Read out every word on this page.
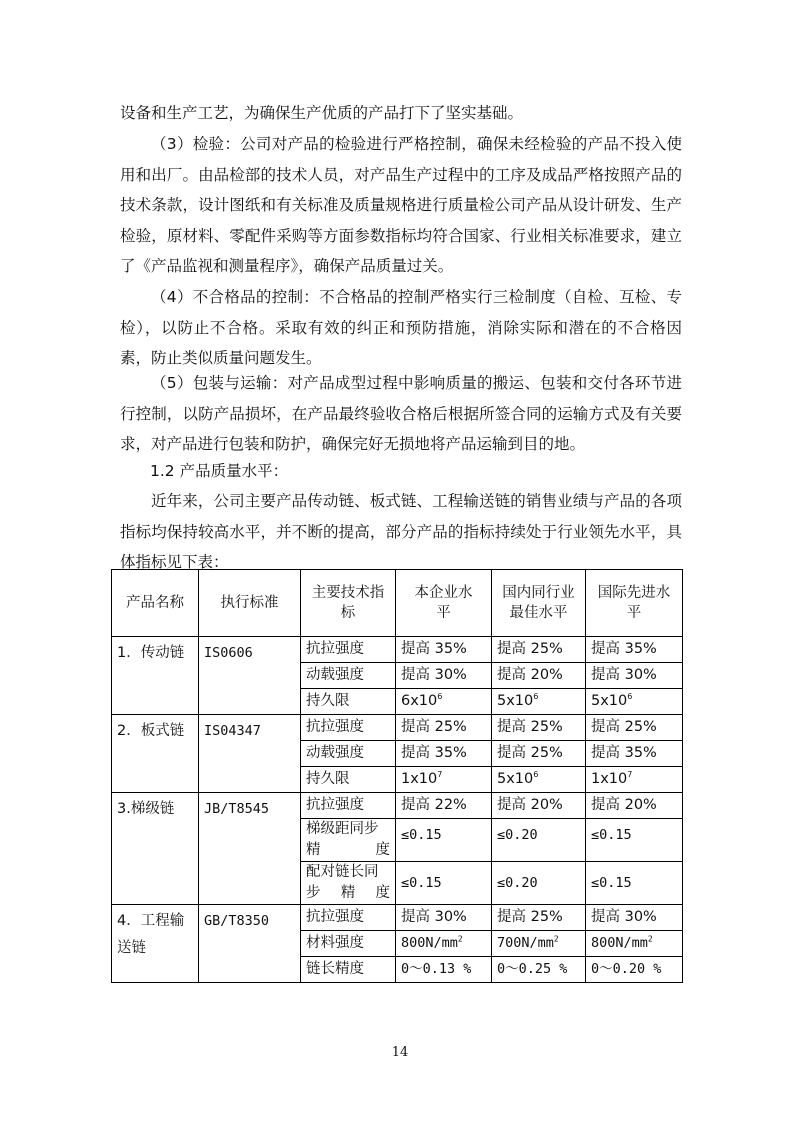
设备和生产工艺，为确保生产优质的产品打下了坚实基础。

（3）检验：公司对产品的检验进行严格控制，确保未经检验的产品不投入使用和出厂。由品检部的技术人员，对产品生产过程中的工序及成品严格按照产品的技术条款，设计图纸和有关标准及质量规格进行质量检公司产品从设计研发、生产检验，原材料、零配件采购等方面参数指标均符合国家、行业相关标准要求，建立了《产品监视和测量程序》，确保产品质量过关。

（4）不合格品的控制：不合格品的控制严格实行三检制度（自检、互检、专检），以防止不合格。采取有效的纠正和预防措施，消除实际和潜在的不合格因素，防止类似质量问题发生。

（5）包装与运输：对产品成型过程中影响质量的搬运、包装和交付各环节进行控制，以防产品损坏，在产品最终验收合格后根据所签合同的运输方式及有关要求，对产品进行包装和防护，确保完好无损地将产品运输到目的地。

1.2 产品质量水平：

近年来，公司主要产品传动链、板式链、工程输送链的销售业绩与产品的各项指标均保持较高水平，并不断的提高，部分产品的指标持续处于行业领先水平，具体指标见下表：

产品名称	执行标准	主要技术指标	本企业水　平	国内同行业最佳水平	国际先进水平
1．传动链	IS0606	抗拉强度	提高 35%	提高 25%	提高 35%
		动载强度	提高 30%	提高 20%	提高 30%
		持久限	$6x10^6$	$5x10^6$	$5x10^6$
2．板式链	IS04347	抗拉强度	提高 25%	提高 25%	提高 25%
		动载强度	提高 35%	提高 25%	提高 35%
		持久限	$1x10^7$	$5x10^6$	$1x10^7$
3.梯级链	JB/T8545	抗拉强度	提高 22%	提高 20%	提高 20%
		梯级距同步精度	≤0.15	≤0.20	≤0.15
		配对链长同步精度	≤0.15	≤0.20	≤0.15
4．工程输送链	GB/T8350	抗拉强度	提高 30%	提高 25%	提高 30%
		材料强度	$800N/mm^2$	$700N/mm^2$	$800N/mm^2$
		链长精度	0～0.13 %	0～0.25 %	0～0.20 %
14
